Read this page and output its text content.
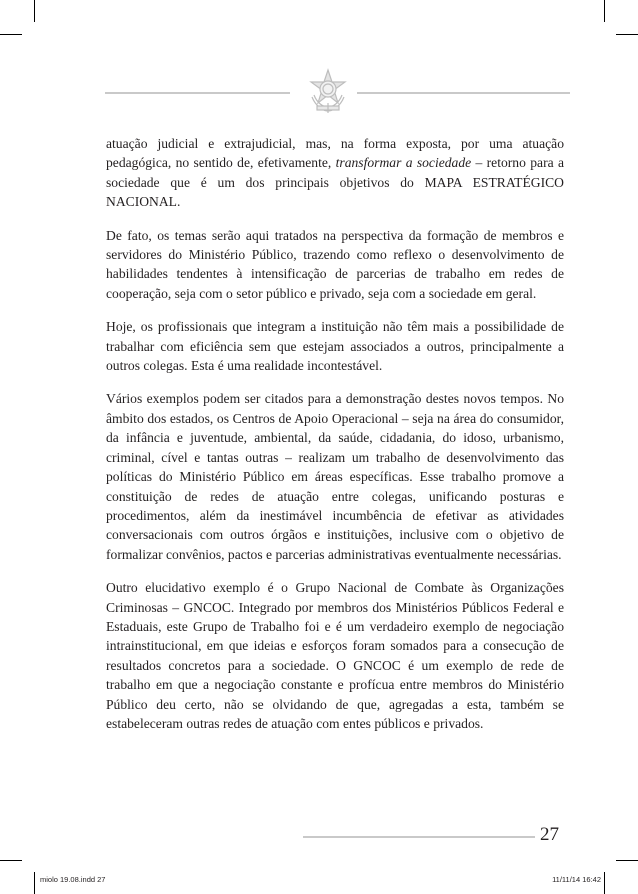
atuação judicial e extrajudicial, mas, na forma exposta, por uma atuação pedagógica, no sentido de, efetivamente, transformar a sociedade – retorno para a sociedade que é um dos principais objetivos do MAPA ESTRATÉGICO NACIONAL.

De fato, os temas serão aqui tratados na perspectiva da formação de membros e servidores do Ministério Público, trazendo como reflexo o desenvolvimento de habilidades tendentes à intensificação de parcerias de trabalho em redes de cooperação, seja com o setor público e privado, seja com a sociedade em geral.

Hoje, os profissionais que integram a instituição não têm mais a possibilidade de trabalhar com eficiência sem que estejam associados a outros, principalmente a outros colegas. Esta é uma realidade incontestável.

Vários exemplos podem ser citados para a demonstração destes novos tempos. No âmbito dos estados, os Centros de Apoio Operacional – seja na área do consumidor, da infância e juventude, ambiental, da saúde, cidadania, do idoso, urbanismo, criminal, cível e tantas outras – realizam um trabalho de desenvolvimento das políticas do Ministério Público em áreas específicas. Esse trabalho promove a constituição de redes de atuação entre colegas, unificando posturas e procedimentos, além da inestimável incumbência de efetivar as atividades conversacionais com outros órgãos e instituições, inclusive com o objetivo de formalizar convênios, pactos e parcerias administrativas eventualmente necessárias.

Outro elucidativo exemplo é o Grupo Nacional de Combate às Organizações Criminosas – GNCOC. Integrado por membros dos Ministérios Públicos Federal e Estaduais, este Grupo de Trabalho foi e é um verdadeiro exemplo de negociação intrainstitucional, em que ideias e esforços foram somados para a consecução de resultados concretos para a sociedade. O GNCOC é um exemplo de rede de trabalho em que a negociação constante e profícua entre membros do Ministério Público deu certo, não se olvidando de que, agregadas a esta, também se estabeleceram outras redes de atuação com entes públicos e privados.

27
miolo 19.08.indd 27	11/11/14 16:42
